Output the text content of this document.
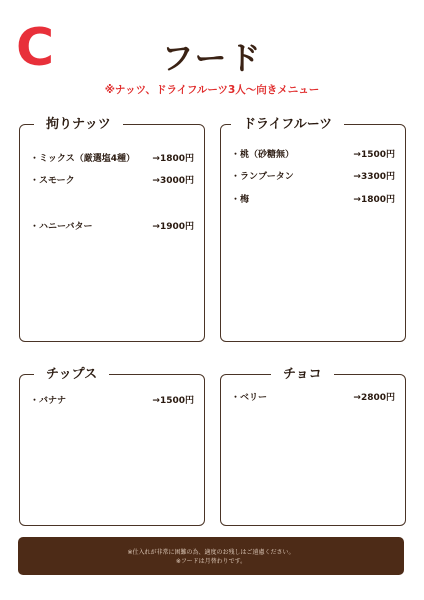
C	フード
※ナッツ、ドライフルーツ3人～向きメニュー
拘りナッツ
・ミックス（厳選塩4種） →1800円
・スモーク	→3000円
・ハニーバター	→1900円
ドライフルーツ
・桃（砂糖無）	→1500円
・ランブータン	→3300円
・梅	→1800円
チップス
・バナナ	→1500円
チョコ
・ベリー	→2800円
※仕入れが非常に困難の為、適度のお残しはご遠慮ください。
※フードは月替わりです。
